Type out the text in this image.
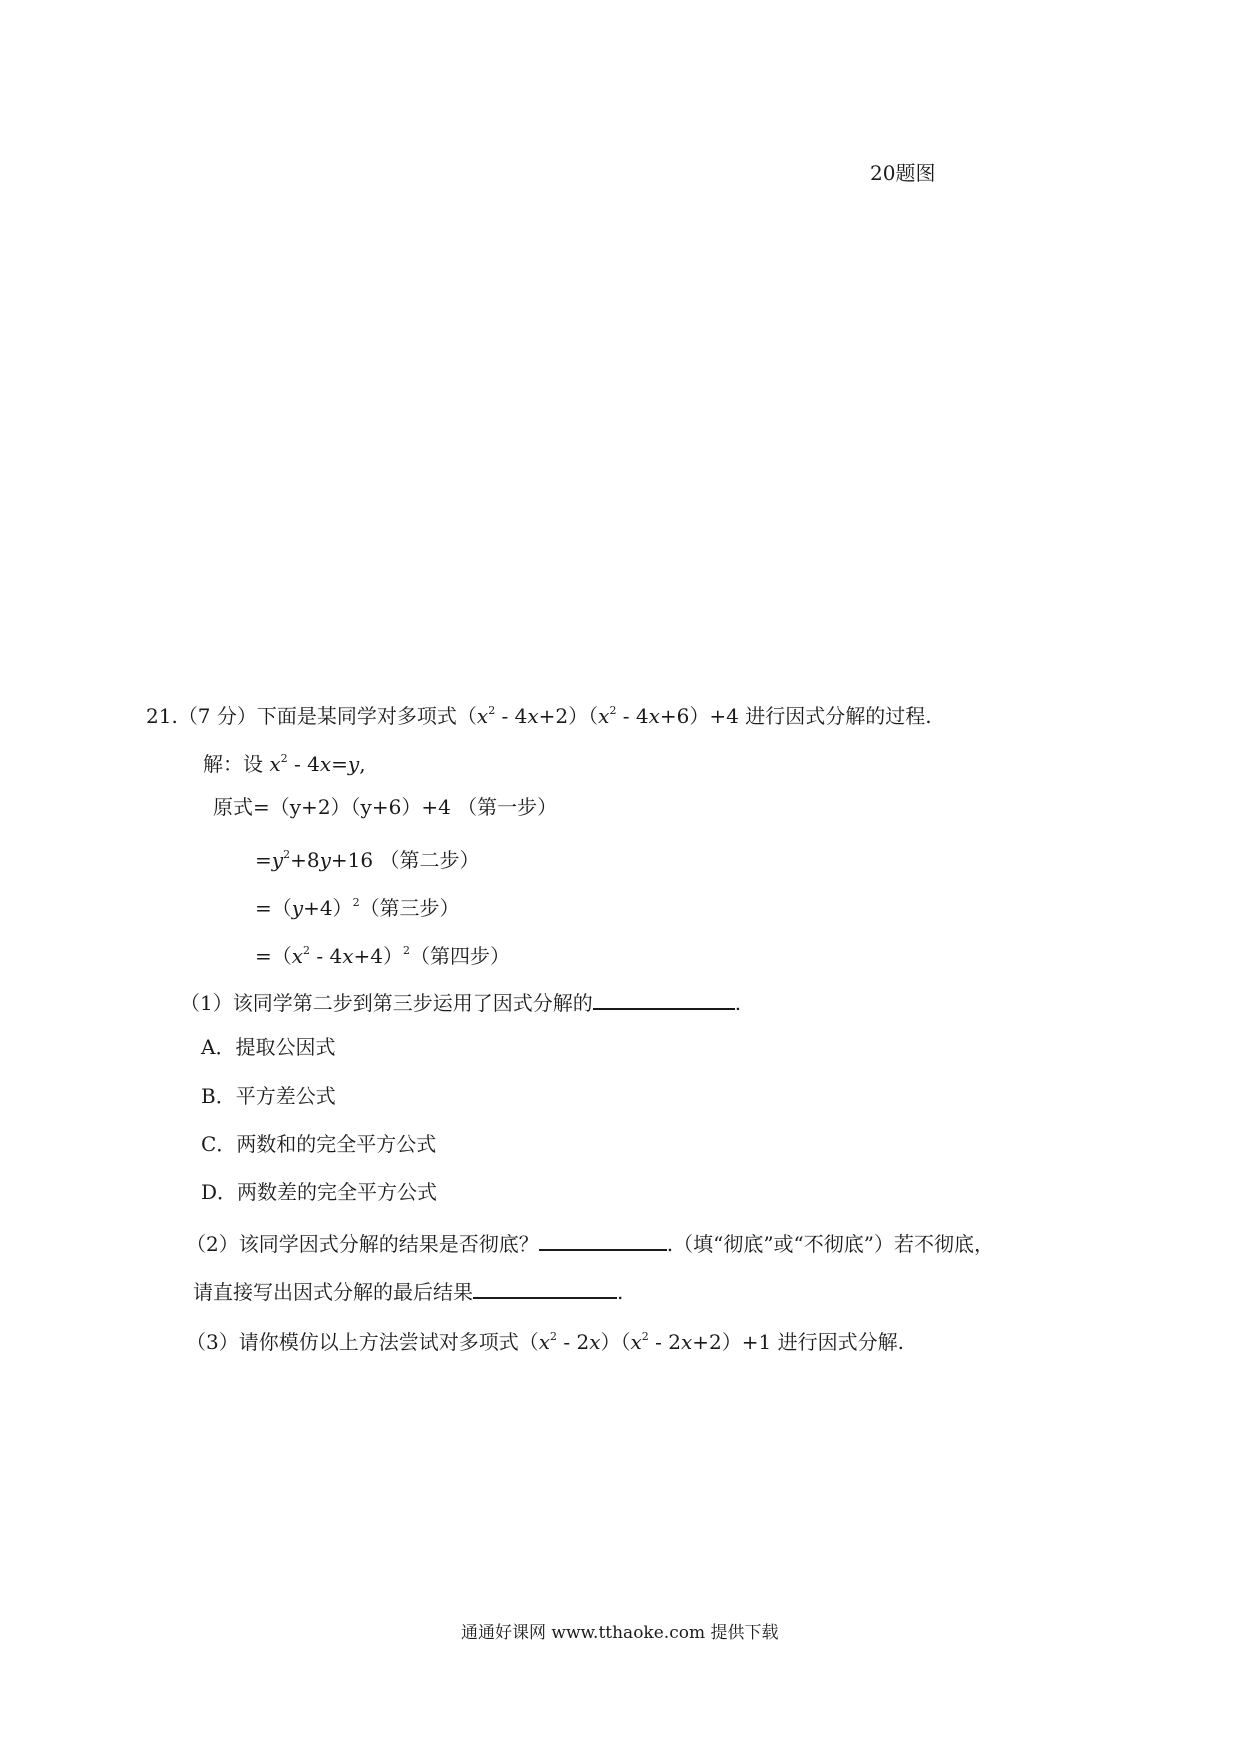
20题图
21.（7 分）下面是某同学对多项式$(x^2 - 4x+2)(x^2 - 4x+6)+4$ 进行因式分解的过程.
解：设 $x^2 - 4x=y$,
原式=（y+2）（y+6）+4 （第一步）
$=y^2+8y+16$ （第二步）
$=(y+4)^2$（第三步）
$=(x^2 - 4x+4)^2$（第四步）
（1）该同学第二步到第三步运用了因式分解的	.
A．提取公因式
B．平方差公式
C．两数和的完全平方公式
D．两数差的完全平方公式
（2）该同学因式分解的结果是否彻底？	.（填“彻底”或“不彻底”）若不彻底，
请直接写出因式分解的最后结果	.
（3）请你模仿以上方法尝试对多项式$(x^2 - 2x)(x^2 - 2x+2)+1$ 进行因式分解.
通通好课网 www.tthaoke.com 提供下载
